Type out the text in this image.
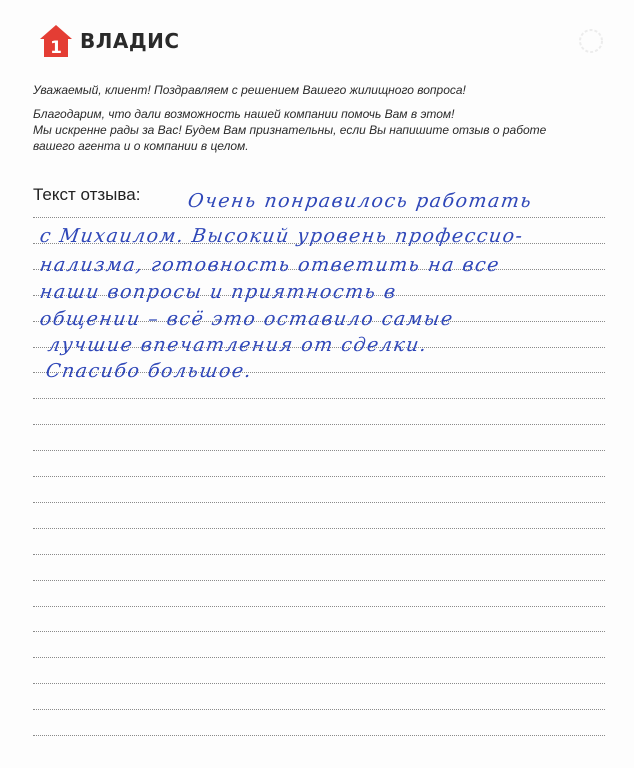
1 ВЛАДИС

Уважаемый, клиент! Поздравляем с решением Вашего жилищного вопроса!

Благодарим, что дали возможность нашей компании помочь Вам в этом!

Мы искренне рады за Вас! Будем Вам признательны, если Вы напишите отзыв о работе

вашего агента и о компании в целом.

Текст отзыва: Очень понравилось работать
с Михаилом. Высокий уровень профессио-
нализма, готовность ответить на все
наши вопросы и приятность в
общении – всё это оставило самые
лучшие впечатления от сделки.
Спасибо большое.
